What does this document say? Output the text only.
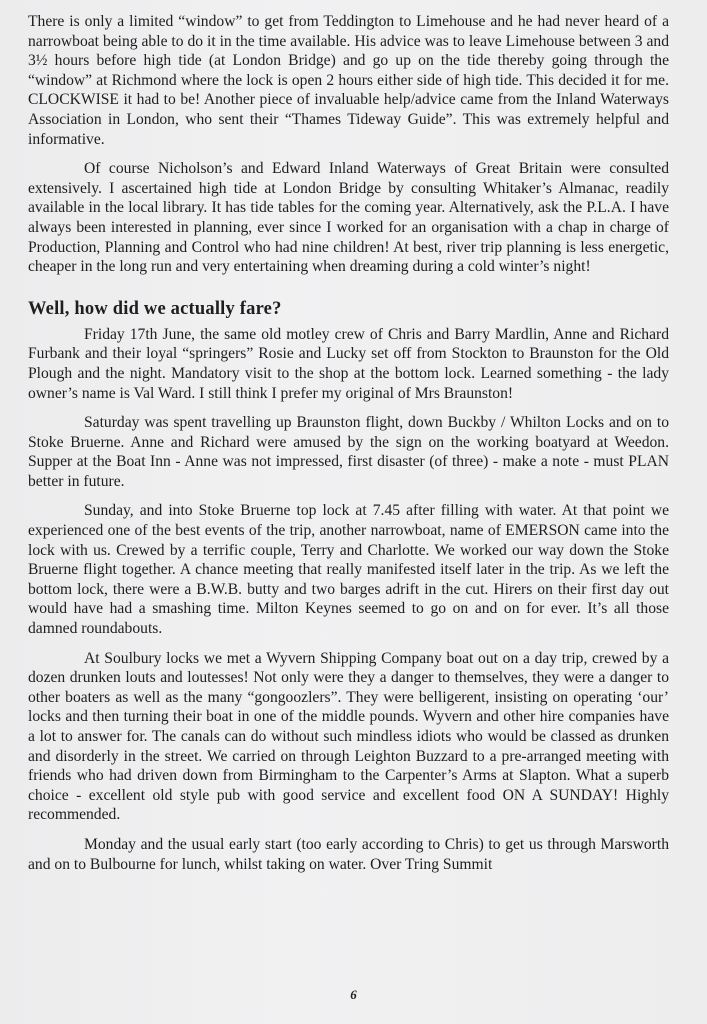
There is only a limited “window” to get from Teddington to Limehouse and he had never heard of a narrowboat being able to do it in the time available. His advice was to leave Limehouse between 3 and 3½ hours before high tide (at London Bridge) and go up on the tide thereby going through the “window” at Richmond where the lock is open 2 hours either side of high tide. This decided it for me. CLOCKWISE it had to be! Another piece of invaluable help/advice came from the Inland Waterways Association in London, who sent their “Thames Tideway Guide”. This was extremely helpful and informative.

Of course Nicholson’s and Edward Inland Waterways of Great Britain were consulted extensively. I ascertained high tide at London Bridge by consulting Whitaker’s Almanac, readily available in the local library. It has tide tables for the coming year. Alternatively, ask the P.L.A. I have always been interested in planning, ever since I worked for an organisation with a chap in charge of Production, Planning and Control who had nine children! At best, river trip planning is less energetic, cheaper in the long run and very entertaining when dreaming during a cold winter’s night!

Well, how did we actually fare?

Friday 17th June, the same old motley crew of Chris and Barry Mardlin, Anne and Richard Furbank and their loyal “springers” Rosie and Lucky set off from Stockton to Braunston for the Old Plough and the night. Mandatory visit to the shop at the bottom lock. Learned something - the lady owner’s name is Val Ward. I still think I prefer my original of Mrs Braunston!

Saturday was spent travelling up Braunston flight, down Buckby / Whilton Locks and on to Stoke Bruerne. Anne and Richard were amused by the sign on the working boatyard at Weedon. Supper at the Boat Inn - Anne was not impressed, first disaster (of three) - make a note - must PLAN better in future.

Sunday, and into Stoke Bruerne top lock at 7.45 after filling with water. At that point we experienced one of the best events of the trip, another narrowboat, name of EMERSON came into the lock with us. Crewed by a terrific couple, Terry and Charlotte. We worked our way down the Stoke Bruerne flight together. A chance meeting that really manifested itself later in the trip. As we left the bottom lock, there were a B.W.B. butty and two barges adrift in the cut. Hirers on their first day out would have had a smashing time. Milton Keynes seemed to go on and on for ever. It’s all those damned roundabouts.

At Soulbury locks we met a Wyvern Shipping Company boat out on a day trip, crewed by a dozen drunken louts and loutesses! Not only were they a danger to themselves, they were a danger to other boaters as well as the many “gongoozlers”. They were belligerent, insisting on operating ‘our’ locks and then turning their boat in one of the middle pounds. Wyvern and other hire companies have a lot to answer for. The canals can do without such mindless idiots who would be classed as drunken and disorderly in the street. We carried on through Leighton Buzzard to a pre-arranged meeting with friends who had driven down from Birmingham to the Carpenter’s Arms at Slapton. What a superb choice - excellent old style pub with good service and excellent food ON A SUNDAY! Highly recommended.

Monday and the usual early start (too early according to Chris) to get us through Marsworth and on to Bulbourne for lunch, whilst taking on water. Over Tring Summit

6
